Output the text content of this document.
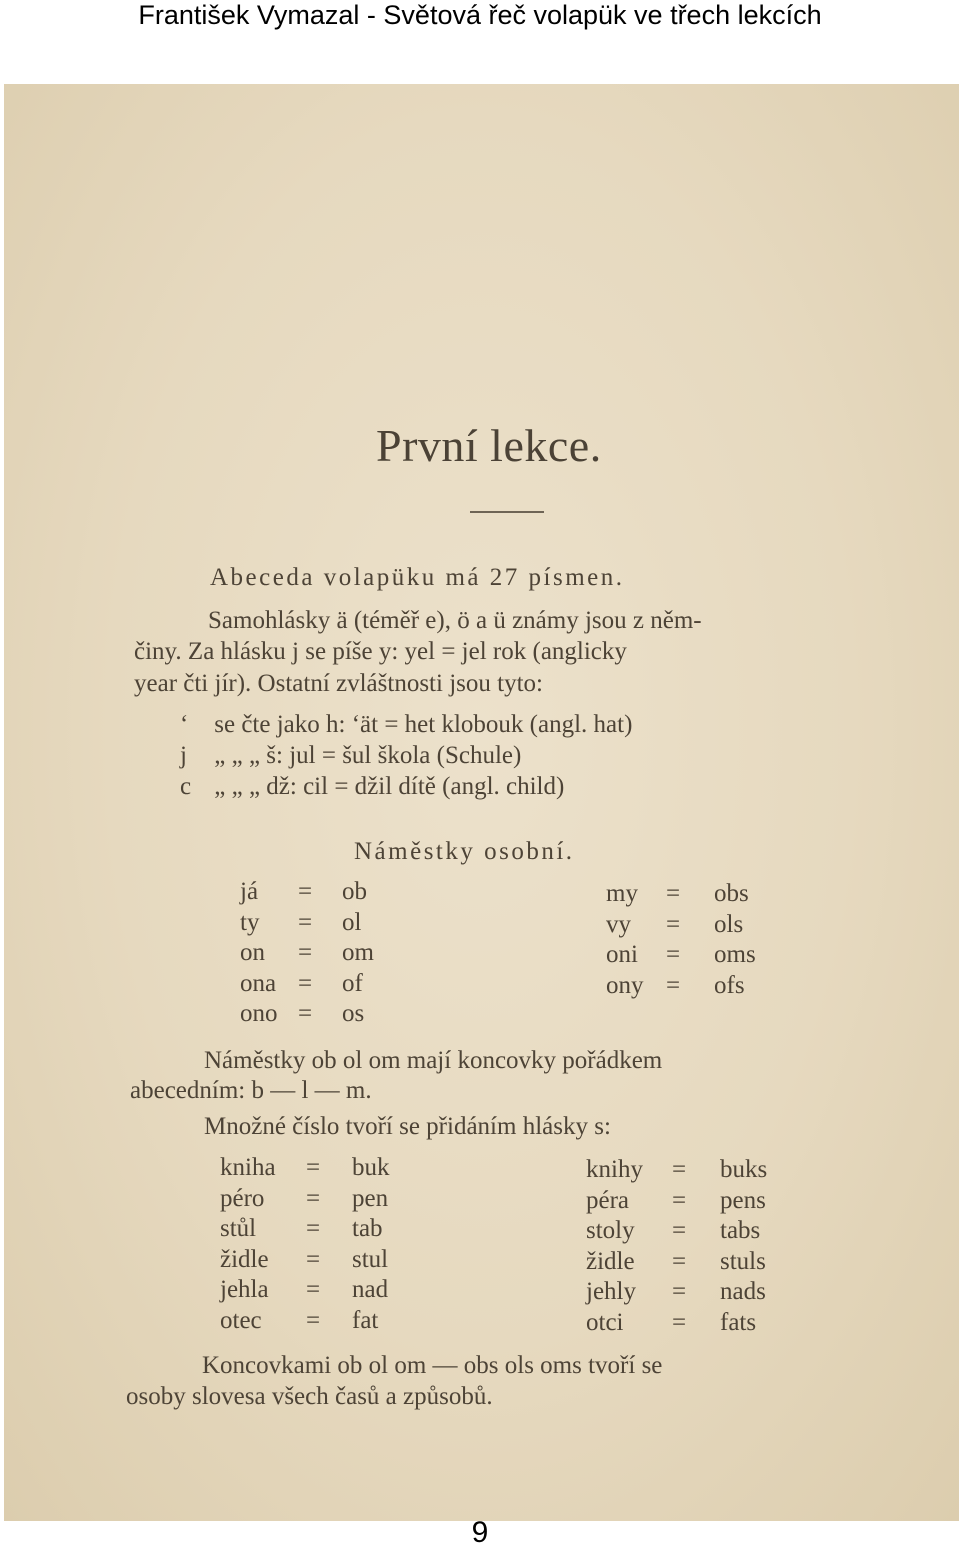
František Vymazal - Světová řeč volapük ve třech lekcích
První lekce.
Abeceda volapüku má 27 písmen.
Samohlásky ä (téměř e), ö a ü známy jsou z něm-
činy. Za hlásku j se píše y: yel = jel rok (anglicky
year čti jír). Ostatní zvláštnosti jsou tyto:
ʻ se čte jako h: ʻät = het klobouk (angl. hat)
j „ „ „ š: jul = šul škola (Schule)
c „ „ „ dž: cil = džil dítě (angl. child)
Náměstky osobní.
já	=	ob
ty	=	ol
on	=	om
ona	=	of
ono	=	os
my	=	obs
vy	=	ols
oni	=	oms
ony	=	ofs
Náměstky ob ol om mají koncovky pořádkem
abecedním: b — l — m.
Množné číslo tvoří se přidáním hlásky s:
kniha	=	buk
péro	=	pen
stůl	=	tab
židle	=	stul
jehla	=	nad
otec	=	fat
knihy	=	buks
péra	=	pens
stoly	=	tabs
židle	=	stuls
jehly	=	nads
otci	=	fats
Koncovkami ob ol om — obs ols oms tvoří se
osoby slovesa všech časů a způsobů.
9
